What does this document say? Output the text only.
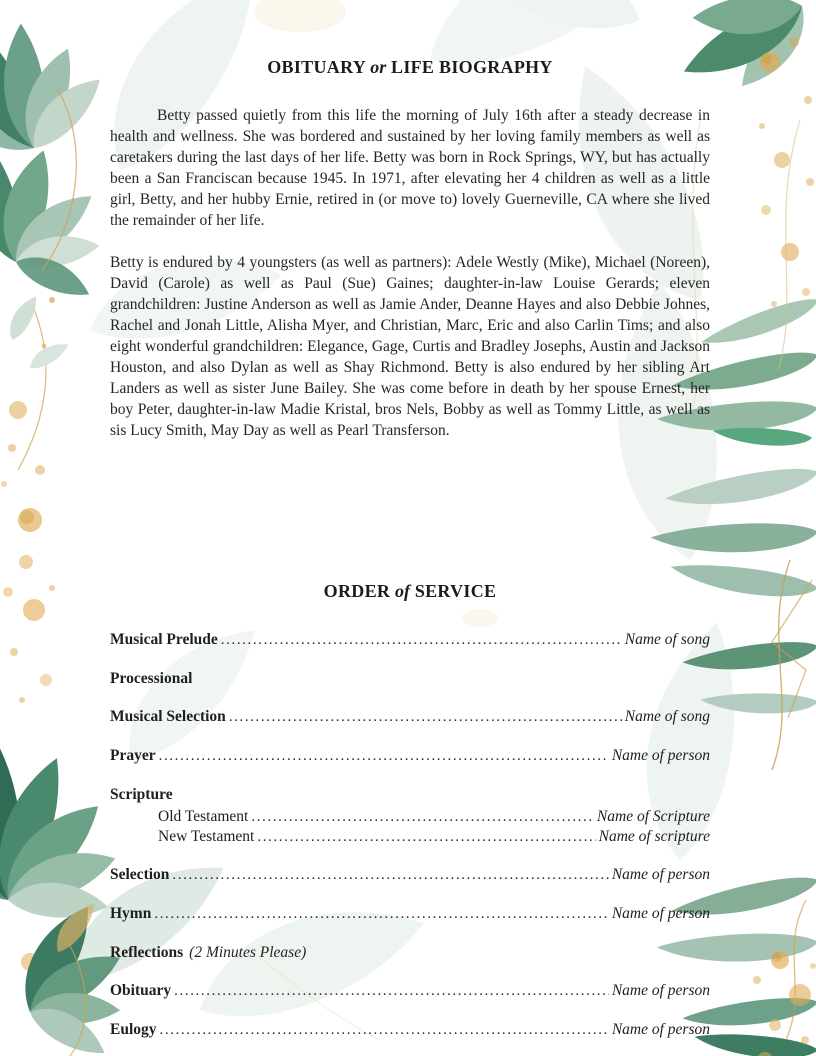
OBITUARY or LIFE BIOGRAPHY

Betty passed quietly from this life the morning of July 16th after a steady decrease in health and wellness. She was bordered and sustained by her loving family members as well as caretakers during the last days of her life. Betty was born in Rock Springs, WY, but has actually been a San Franciscan because 1945. In 1971, after elevating her 4 children as well as a little girl, Betty, and her hubby Ernie, retired in (or move to) lovely Guerneville, CA where she lived the remainder of her life.

Betty is endured by 4 youngsters (as well as partners): Adele Westly (Mike), Michael (Noreen), David (Carole) as well as Paul (Sue) Gaines; daughter-in-law Louise Gerards; eleven grandchildren: Justine Anderson as well as Jamie Ander, Deanne Hayes and also Debbie Johnes, Rachel and Jonah Little, Alisha Myer, and Christian, Marc, Eric and also Carlin Tims; and also eight wonderful grandchildren: Elegance, Gage, Curtis and Bradley Josephs, Austin and Jackson Houston, and also Dylan as well as Shay Richmond. Betty is also endured by her sibling Art Landers as well as sister June Bailey. She was come before in death by her spouse Ernest, her boy Peter, daughter-in-law Madie Kristal, bros Nels, Bobby as well as Tommy Little, as well as sis Lucy Smith, May Day as well as Pearl Transferson.

ORDER of SERVICE
Musical Prelude .....	Name of song
Processional
Musical Selection .....	Name of song
Prayer .....	Name of person
Scripture
Old Testament .....	Name of Scripture
New Testament .....	Name of scripture
Selection .....	Name of person
Hymn .....	Name of person
Reflections (2 Minutes Please)
Obituary .....	Name of person
Eulogy .....	Name of person
